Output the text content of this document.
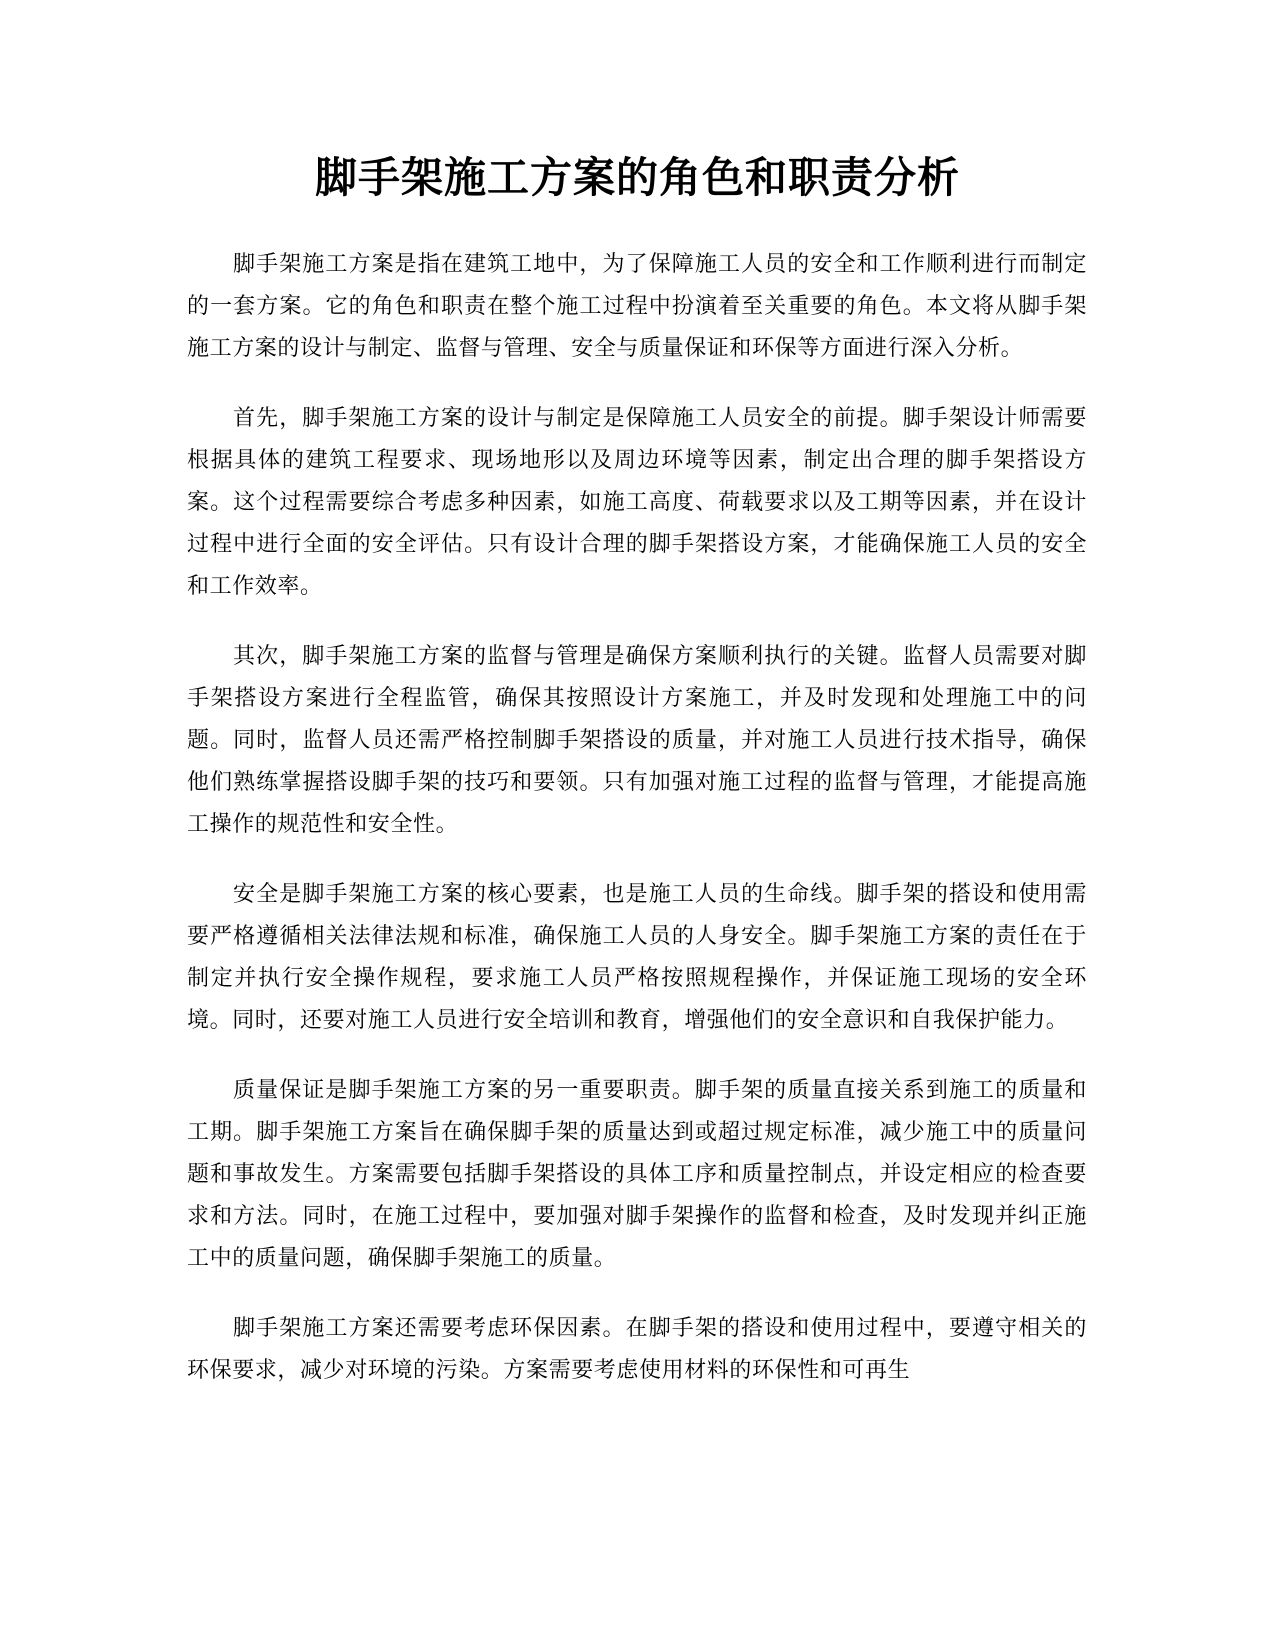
脚手架施工方案的角色和职责分析

脚手架施工方案是指在建筑工地中，为了保障施工人员的安全和工作顺利进行而制定的一套方案。它的角色和职责在整个施工过程中扮演着至关重要的角色。本文将从脚手架施工方案的设计与制定、监督与管理、安全与质量保证和环保等方面进行深入分析。

首先，脚手架施工方案的设计与制定是保障施工人员安全的前提。脚手架设计师需要根据具体的建筑工程要求、现场地形以及周边环境等因素，制定出合理的脚手架搭设方案。这个过程需要综合考虑多种因素，如施工高度、荷载要求以及工期等因素，并在设计过程中进行全面的安全评估。只有设计合理的脚手架搭设方案，才能确保施工人员的安全和工作效率。

其次，脚手架施工方案的监督与管理是确保方案顺利执行的关键。监督人员需要对脚手架搭设方案进行全程监管，确保其按照设计方案施工，并及时发现和处理施工中的问题。同时，监督人员还需严格控制脚手架搭设的质量，并对施工人员进行技术指导，确保他们熟练掌握搭设脚手架的技巧和要领。只有加强对施工过程的监督与管理，才能提高施工操作的规范性和安全性。

安全是脚手架施工方案的核心要素，也是施工人员的生命线。脚手架的搭设和使用需要严格遵循相关法律法规和标准，确保施工人员的人身安全。脚手架施工方案的责任在于制定并执行安全操作规程，要求施工人员严格按照规程操作，并保证施工现场的安全环境。同时，还要对施工人员进行安全培训和教育，增强他们的安全意识和自我保护能力。

质量保证是脚手架施工方案的另一重要职责。脚手架的质量直接关系到施工的质量和工期。脚手架施工方案旨在确保脚手架的质量达到或超过规定标准，减少施工中的质量问题和事故发生。方案需要包括脚手架搭设的具体工序和质量控制点，并设定相应的检查要求和方法。同时，在施工过程中，要加强对脚手架操作的监督和检查，及时发现并纠正施工中的质量问题，确保脚手架施工的质量。

脚手架施工方案还需要考虑环保因素。在脚手架的搭设和使用过程中，要遵守相关的环保要求，减少对环境的污染。方案需要考虑使用材料的环保性和可再生
